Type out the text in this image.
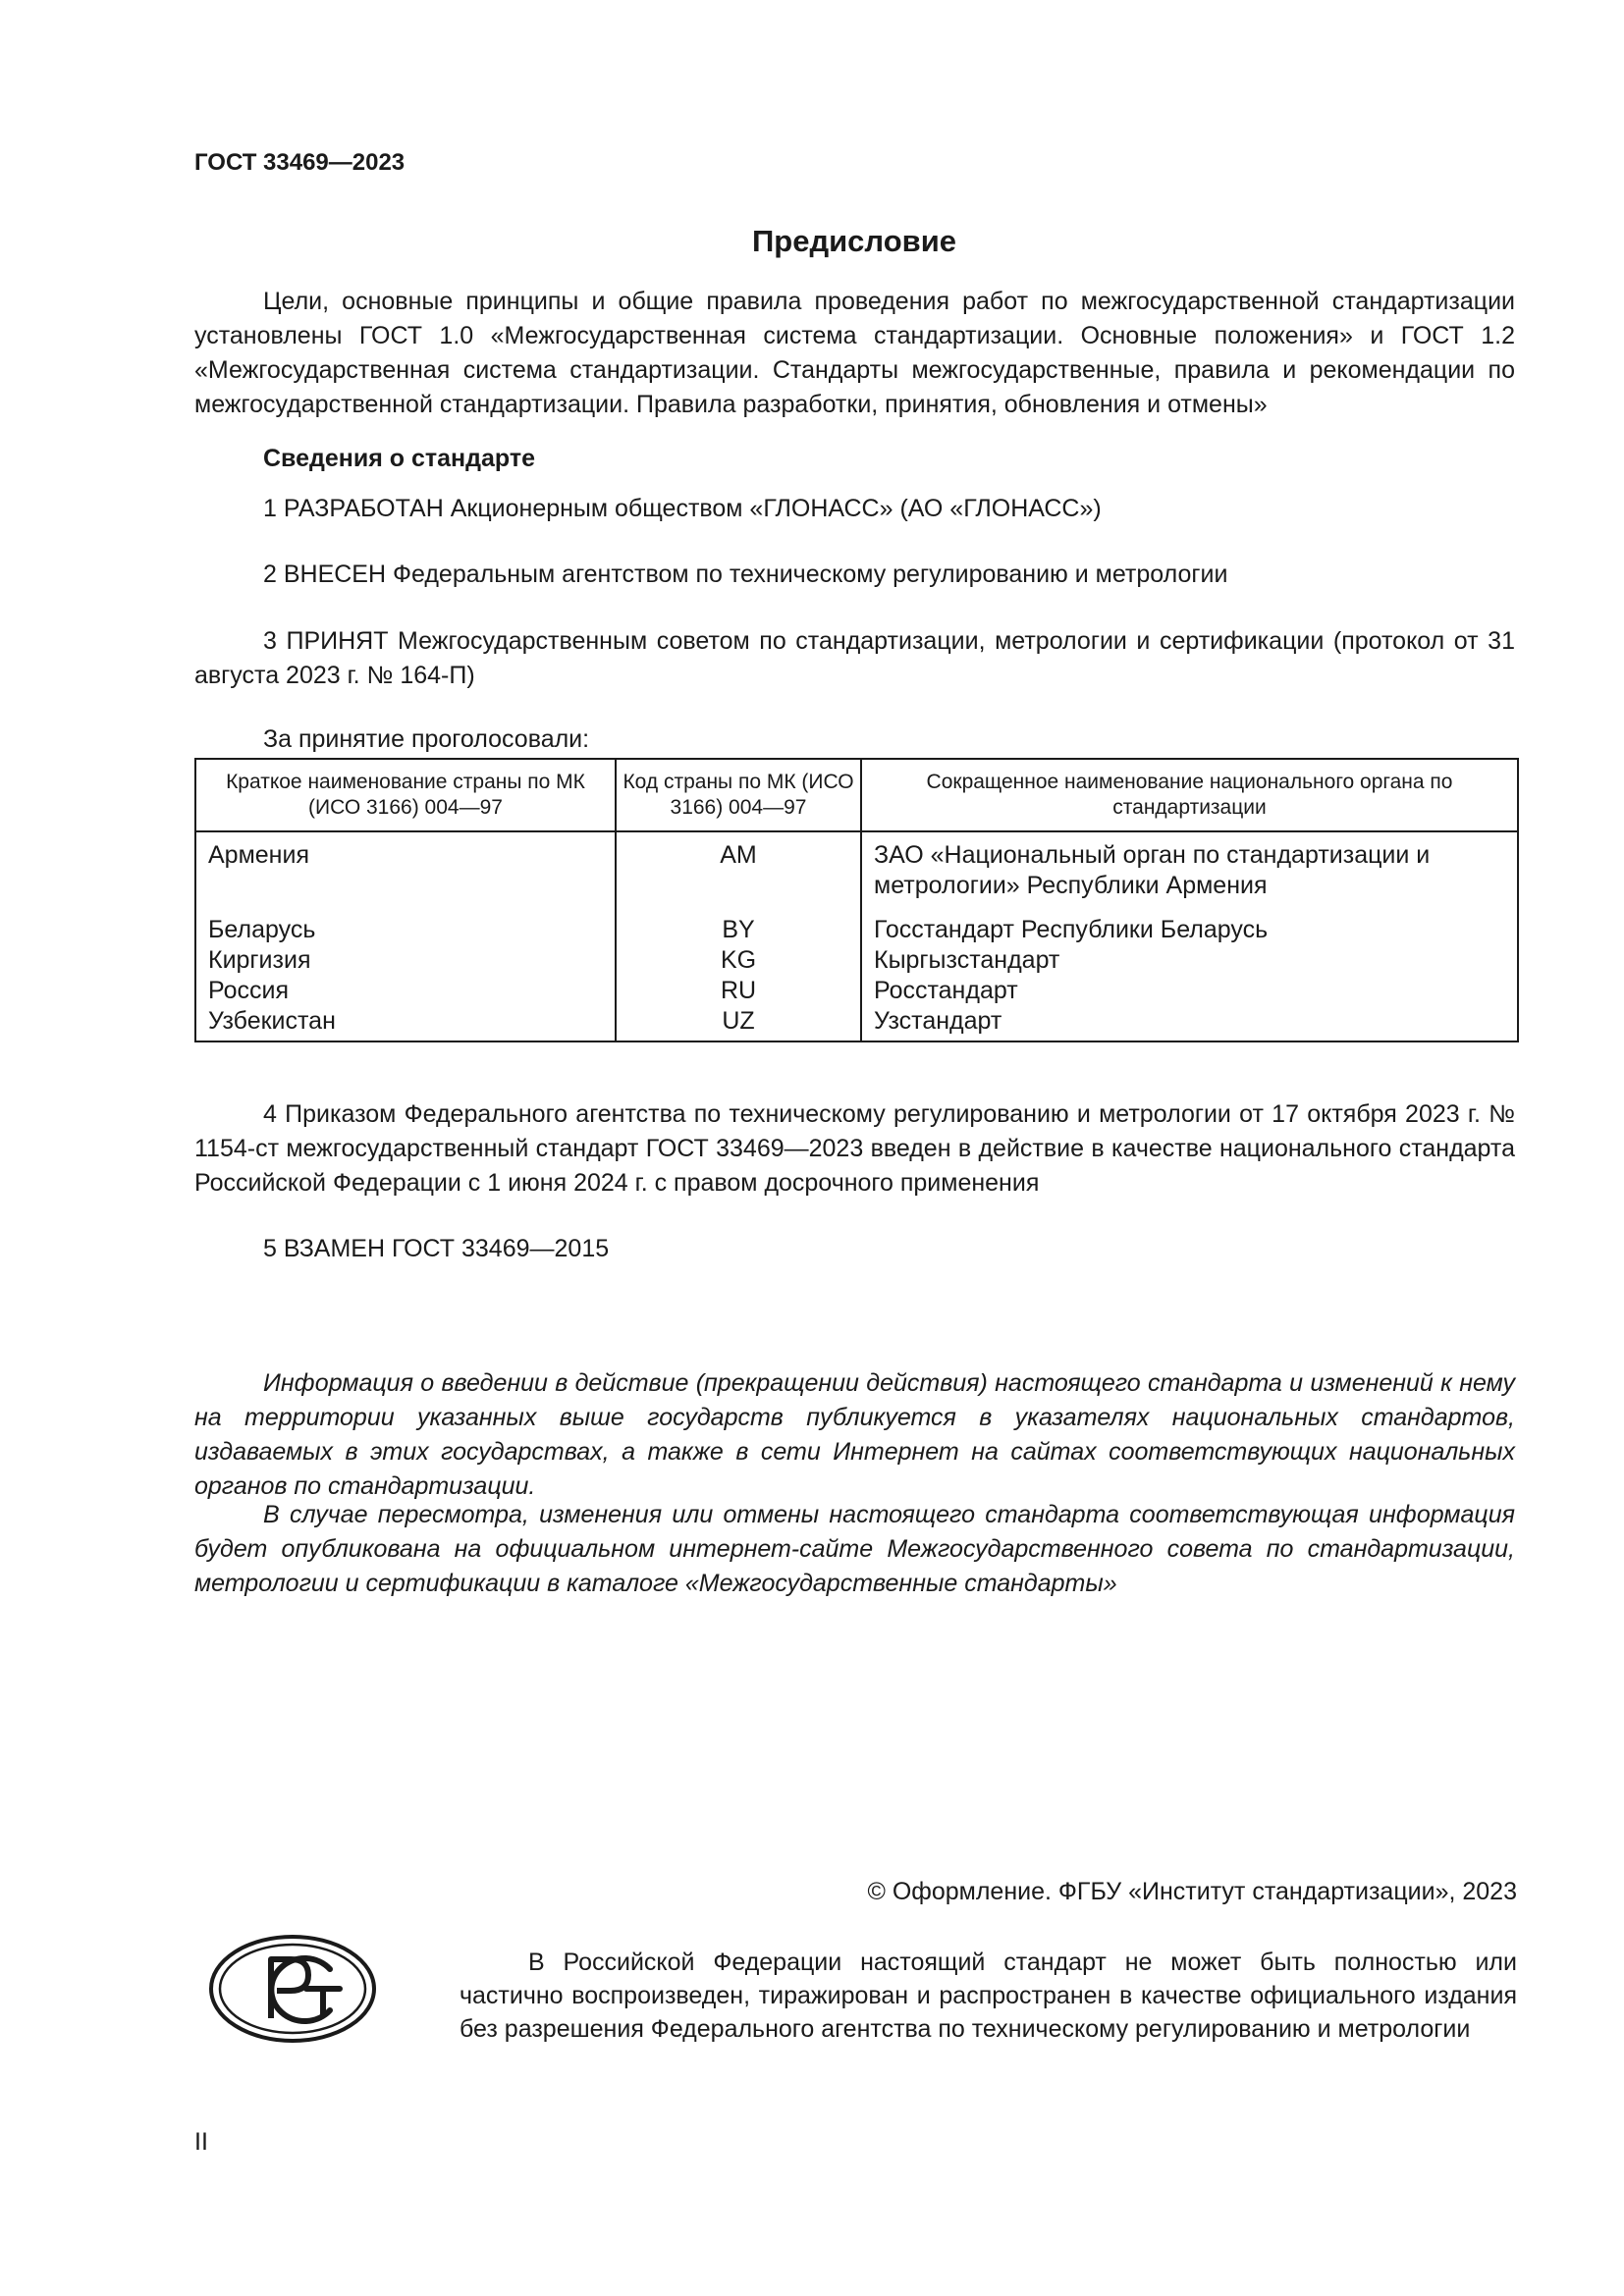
ГОСТ 33469—2023
Предисловие
Цели, основные принципы и общие правила проведения работ по межгосударственной стандартизации установлены ГОСТ 1.0 «Межгосударственная система стандартизации. Основные положения» и ГОСТ 1.2 «Межгосударственная система стандартизации. Стандарты межгосударственные, правила и рекомендации по межгосударственной стандартизации. Правила разработки, принятия, обновления и отмены»
Сведения о стандарте
1 РАЗРАБОТАН Акционерным обществом «ГЛОНАСС» (АО «ГЛОНАСС»)
2 ВНЕСЕН Федеральным агентством по техническому регулированию и метрологии
3 ПРИНЯТ Межгосударственным советом по стандартизации, метрологии и сертификации (протокол от 31 августа 2023 г. № 164-П)
За принятие проголосовали:
Краткое наименование страны по МК (ИСО 3166) 004—97	Код страны по МК (ИСО 3166) 004—97	Сокращенное наименование национального органа по стандартизации
Армения	AM	ЗАО «Национальный орган по стандартизации и метрологии» Республики Армения
Беларусь	BY	Госстандарт Республики Беларусь
Киргизия	KG	Кыргызстандарт
Россия	RU	Росстандарт
Узбекистан	UZ	Узстандарт
4 Приказом Федерального агентства по техническому регулированию и метрологии от 17 октября 2023 г. № 1154-ст межгосударственный стандарт ГОСТ 33469—2023 введен в действие в качестве национального стандарта Российской Федерации с 1 июня 2024 г. с правом досрочного применения
5 ВЗАМЕН ГОСТ 33469—2015
Информация о введении в действие (прекращении действия) настоящего стандарта и изменений к нему на территории указанных выше государств публикуется в указателях национальных стандартов, издаваемых в этих государствах, а также в сети Интернет на сайтах соответствующих национальных органов по стандартизации.
В случае пересмотра, изменения или отмены настоящего стандарта соответствующая информация будет опубликована на официальном интернет-сайте Межгосударственного совета по стандартизации, метрологии и сертификации в каталоге «Межгосударственные стандарты»
© Оформление. ФГБУ «Институт стандартизации», 2023
В Российской Федерации настоящий стандарт не может быть полностью или частично воспроизведен, тиражирован и распространен в качестве официального издания без разрешения Федерального агентства по техническому регулированию и метрологии
II
